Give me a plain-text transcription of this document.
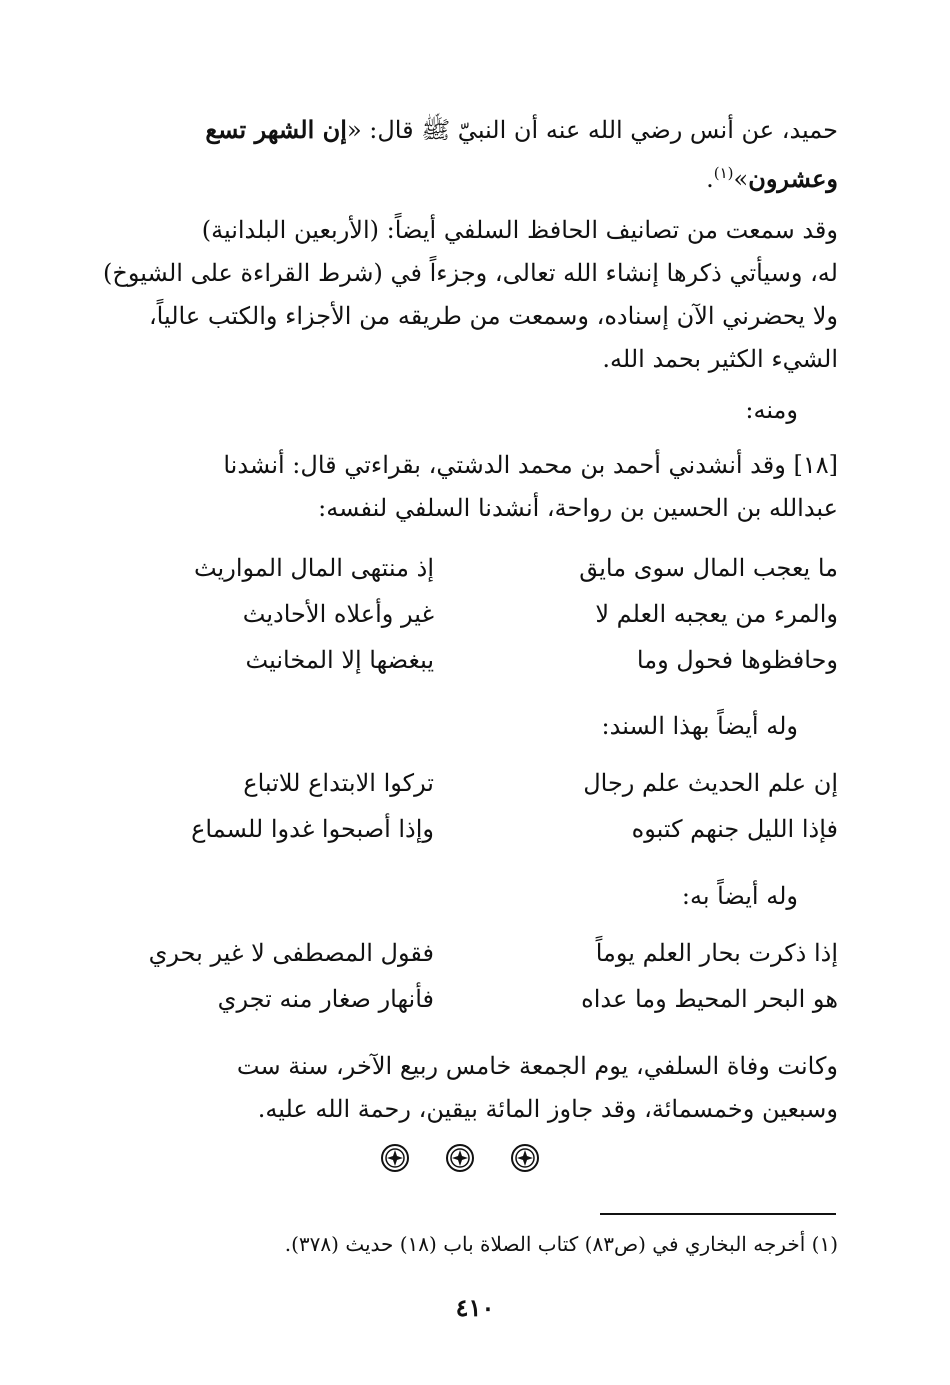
حميد، عن أنس رضي الله عنه أن النبيّ ﷺ قال: «إن الشهر تسع
وعشرون»$^{(١)}$.
وقد سمعت من تصانيف الحافظ السلفي أيضاً: (الأربعين البلدانية)
له، وسيأتي ذكرها إنشاء الله تعالى، وجزءاً في (شرط القراءة على الشيوخ)
ولا يحضرني الآن إسناده، وسمعت من طريقه من الأجزاء والكتب عالياً،
الشيء الكثير بحمد الله.
ومنه:
[١٨] وقد أنشدني أحمد بن محمد الدشتي، بقراءتي قال: أنشدنا
عبدالله بن الحسين بن رواحة، أنشدنا السلفي لنفسه:
ما يعجب المال سوى مايق
إذ منتهى المال المواريث
والمرء من يعجبه العلم لا
غير وأعلاه الأحاديث
وحافظوها فحول وما
يبغضها إلا المخانيث
وله أيضاً بهذا السند:
إن علم الحديث علم رجال
تركوا الابتداع للاتباع
فإذا الليل جنهم كتبوه
وإذا أصبحوا غدوا للسماع
وله أيضاً به:
إذا ذكرت بحار العلم يوماً
فقول المصطفى لا غير بحري
هو البحر المحيط وما عداه
فأنهار صغار منه تجري
وكانت وفاة السلفي، يوم الجمعة خامس ربيع الآخر، سنة ست
وسبعين وخمسمائة، وقد جاوز المائة بيقين، رحمة الله عليه.
(١) أخرجه البخاري في (ص٨٣) كتاب الصلاة باب (١٨) حديث (٣٧٨).
٤١٠
